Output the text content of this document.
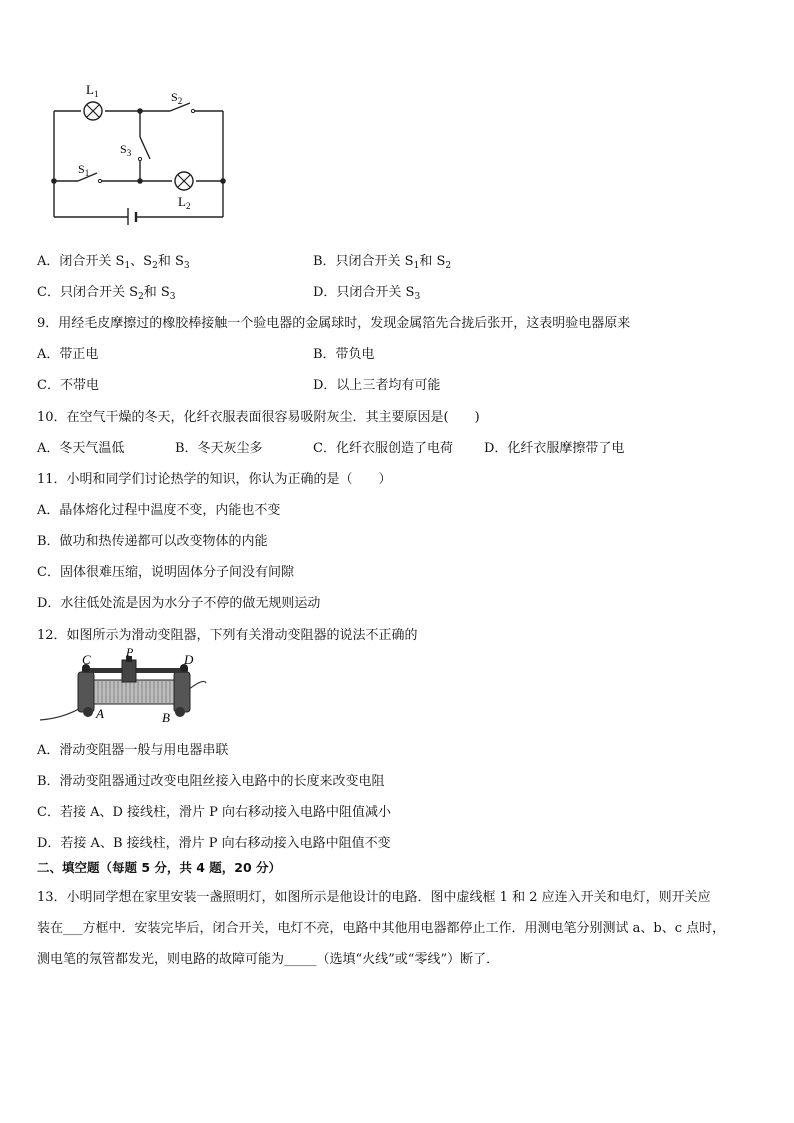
$L_1$	$S_2$
$S_3$
$S_1$
$L_2$
A．闭合开关 $S_1$、$S_2$和 $S_3$	B．只闭合开关 $S_1$和 $S_2$
C．只闭合开关 $S_2$和 $S_3$	D．只闭合开关 $S_3$
9．用经毛皮摩擦过的橡胶棒接触一个验电器的金属球时，发现金属箔先合拢后张开，这表明验电器原来
A．带正电	B．带负电
C．不带电	D．以上三者均有可能
10．在空气干燥的冬天，化纤衣服表面很容易吸附灰尘．其主要原因是(　　)
A．冬天气温低	B．冬天灰尘多	C．化纤衣服创造了电荷 D．化纤衣服摩擦带了电
11．小明和同学们讨论热学的知识，你认为正确的是（　　）
A．晶体熔化过程中温度不变，内能也不变
B．做功和热传递都可以改变物体的内能
C．固体很难压缩，说明固体分子间没有间隙
D．水往低处流是因为水分子不停的做无规则运动
12．如图所示为滑动变阻器，下列有关滑动变阻器的说法不正确的
C	P	D
A	B
A．滑动变阻器一般与用电器串联
B．滑动变阻器通过改变电阻丝接入电路中的长度来改变电阻
C．若接 A、D 接线柱，滑片 P 向右移动接入电路中阻值减小
D．若接 A、B 接线柱，滑片 P 向右移动接入电路中阻值不变
二、填空题（每题 5 分，共 4 题，20 分）
13．小明同学想在家里安装一盏照明灯，如图所示是他设计的电路．图中虚线框 1 和 2 应连入开关和电灯，则开关应
装在___方框中．安装完毕后，闭合开关，电灯不亮，电路中其他用电器都停止工作．用测电笔分别测试 a、b、c 点时，
测电笔的氖管都发光，则电路的故障可能为_____（选填“火线”或“零线”）断了．
